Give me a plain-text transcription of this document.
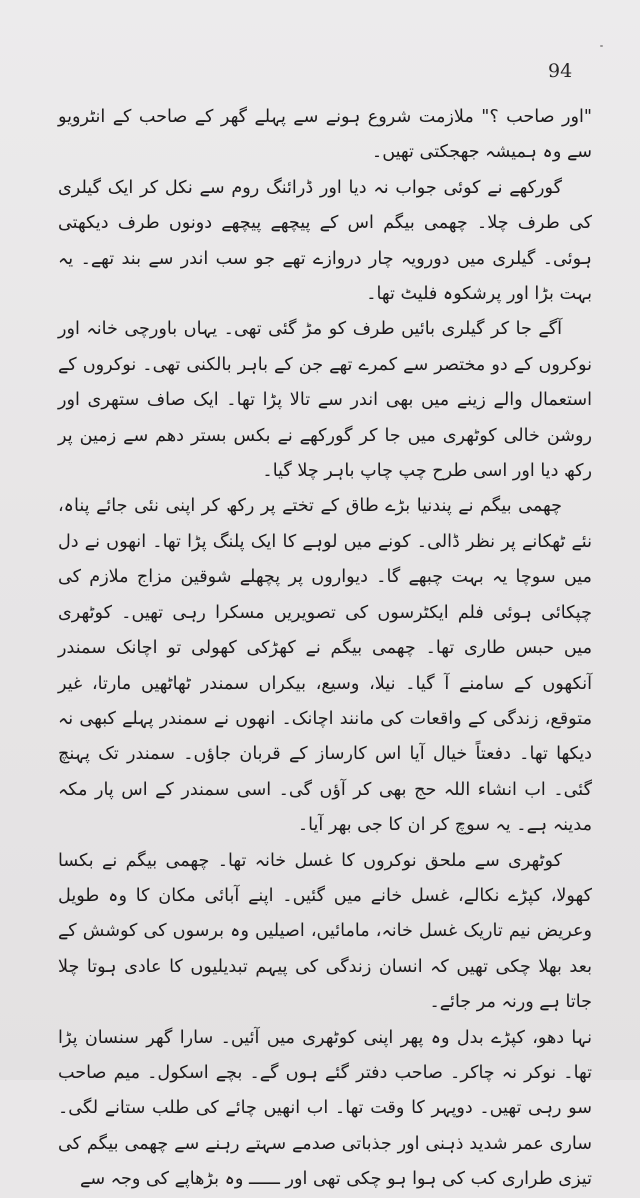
94

"اور صاحب ؟" ملازمت شروع ہونے سے پہلے گھر کے صاحب کے انٹرویو سے وہ ہمیشہ جھجکتی تھیں۔

گورکھے نے کوئی جواب نہ دیا اور ڈرائنگ روم سے نکل کر ایک گیلری کی طرف چلا۔ چھمی بیگم اس کے پیچھے پیچھے دونوں طرف دیکھتی ہوئی۔ گیلری میں دورویہ چار دروازے تھے جو سب اندر سے بند تھے۔ یہ بہت بڑا اور پرشکوہ فلیٹ تھا۔

آگے جا کر گیلری بائیں طرف کو مڑ گئی تھی۔ یہاں باورچی خانہ اور نوکروں کے دو مختصر سے کمرے تھے جن کے باہر بالکنی تھی۔ نوکروں کے استعمال والے زینے میں بھی اندر سے تالا پڑا تھا۔ ایک صاف ستھری اور روشن خالی کوٹھری میں جا کر گورکھے نے بکس بستر دھم سے زمین پر رکھ دیا اور اسی طرح چپ چاپ باہر چلا گیا۔

چھمی بیگم نے پندنیا بڑے طاق کے تختے پر رکھ کر اپنی نئی جائے پناہ، نئے ٹھکانے پر نظر ڈالی۔ کونے میں لوہے کا ایک پلنگ پڑا تھا۔ انھوں نے دل میں سوچا یہ بہت چبھے گا۔ دیواروں پر پچھلے شوقین مزاج ملازم کی چپکائی ہوئی فلم ایکٹرسوں کی تصویریں مسکرا رہی تھیں۔ کوٹھری میں حبس طاری تھا۔ چھمی بیگم نے کھڑکی کھولی تو اچانک سمندر آنکھوں کے سامنے آ گیا۔ نیلا، وسیع، بیکراں سمندر ٹھاٹھیں مارتا، غیر متوقع، زندگی کے واقعات کی مانند اچانک۔ انھوں نے سمندر پہلے کبھی نہ دیکھا تھا۔ دفعتاً خیال آیا اس کارساز کے قربان جاؤں۔ سمندر تک پہنچ گئی۔ اب انشاء اللہ حج بھی کر آؤں گی۔ اسی سمندر کے اس پار مکہ مدینہ ہے۔ یہ سوچ کر ان کا جی بھر آیا۔

کوٹھری سے ملحق نوکروں کا غسل خانہ تھا۔ چھمی بیگم نے بکسا کھولا، کپڑے نکالے، غسل خانے میں گئیں۔ اپنے آبائی مکان کا وہ طویل وعریض نیم تاریک غسل خانہ، مامائیں، اصیلیں وہ برسوں کی کوشش کے بعد بھلا چکی تھیں کہ انسان زندگی کی پیہم تبدیلیوں کا عادی ہوتا چلا جاتا ہے ورنہ مر جائے۔

نہا دھو، کپڑے بدل وہ پھر اپنی کوٹھری میں آئیں۔ سارا گھر سنسان پڑا تھا۔ نوکر نہ چاکر۔ صاحب دفتر گئے ہوں گے۔ بچے اسکول۔ میم صاحب سو رہی تھیں۔ دوپہر کا وقت تھا۔ اب انھیں چائے کی طلب ستانے لگی۔ ساری عمر شدید ذہنی اور جذباتی صدمے سہتے رہنے سے چھمی بیگم کی تیزی طراری کب کی ہوا ہو چکی تھی اور ــــــ وہ بڑھاپے کی وجہ سے
